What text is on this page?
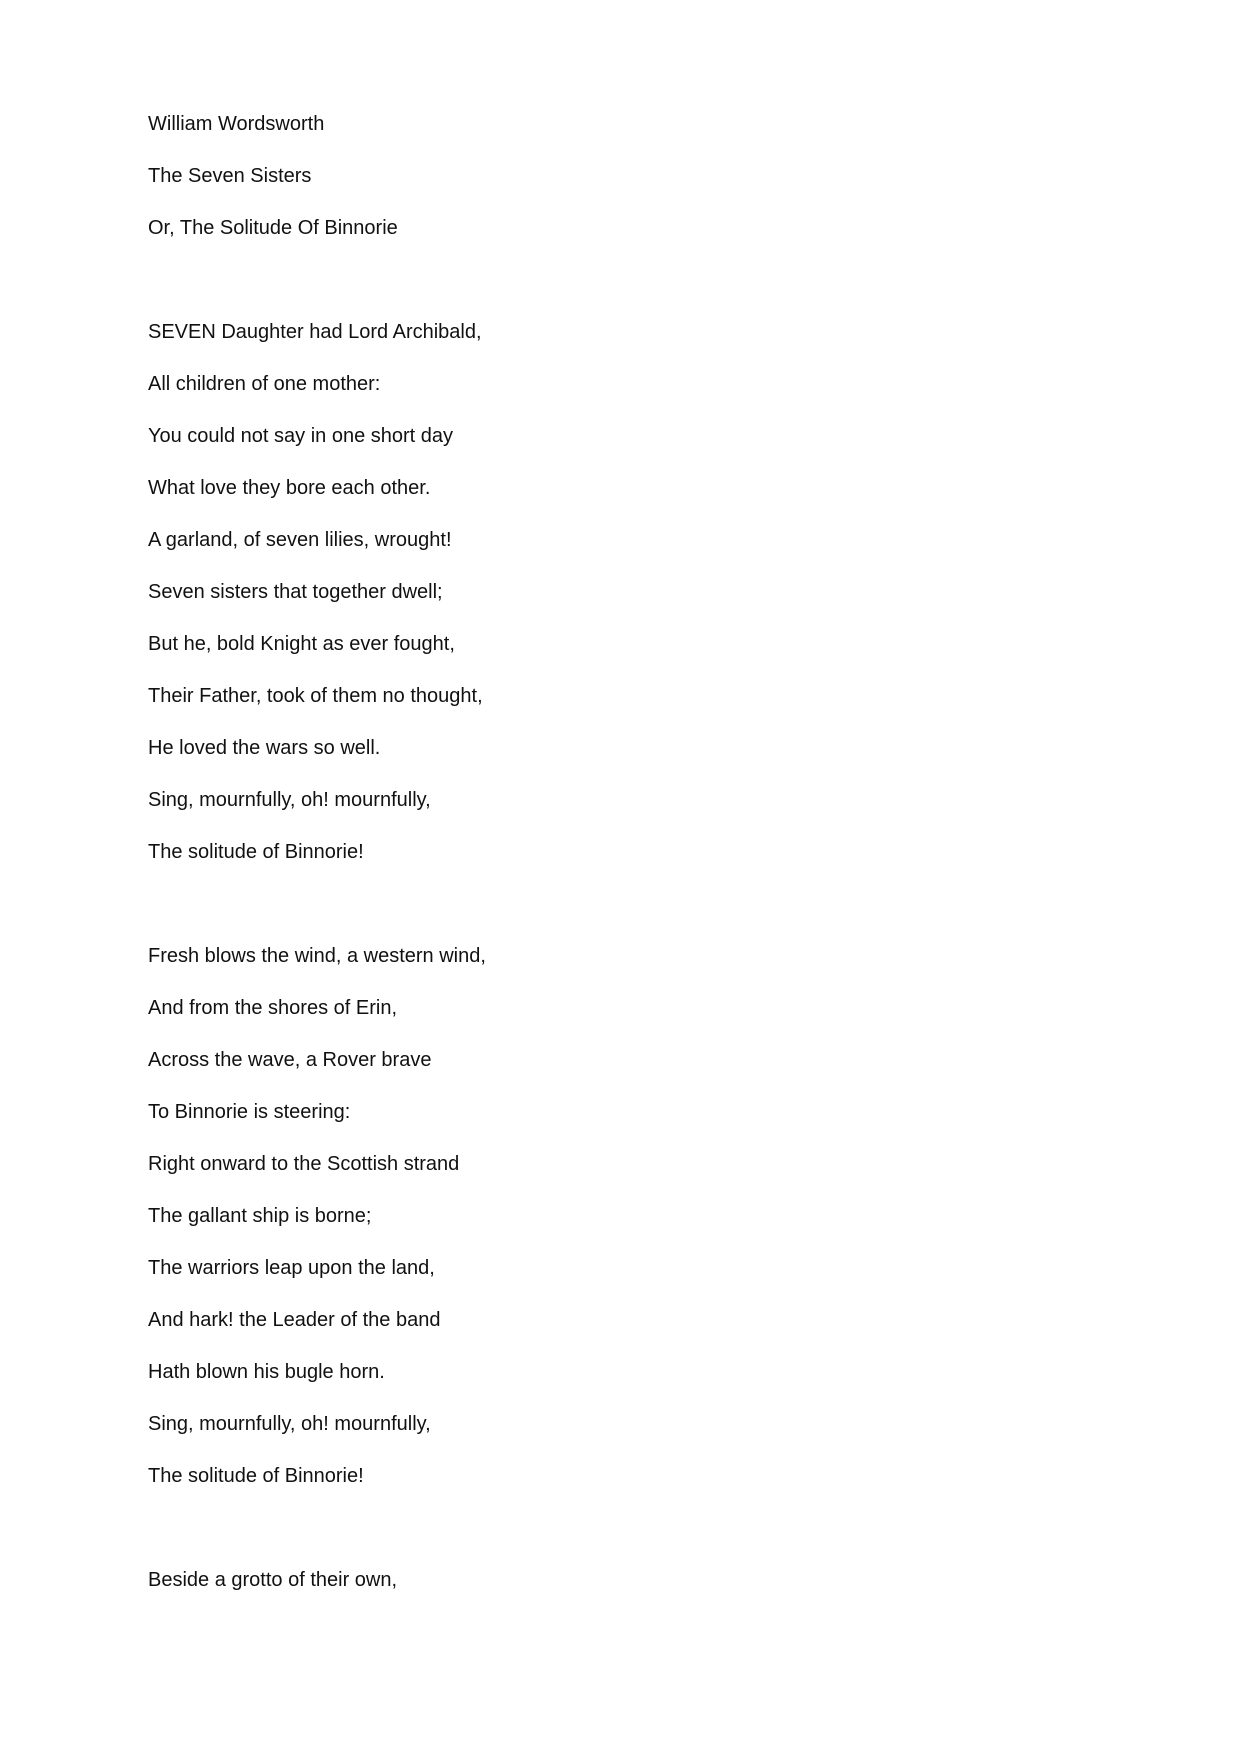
William Wordsworth
The Seven Sisters
Or, The Solitude Of Binnorie
SEVEN Daughter had Lord Archibald,
All children of one mother:
You could not say in one short day
What love they bore each other.
A garland, of seven lilies, wrought!
Seven sisters that together dwell;
But he, bold Knight as ever fought,
Their Father, took of them no thought,
He loved the wars so well.
Sing, mournfully, oh! mournfully,
The solitude of Binnorie!
Fresh blows the wind, a western wind,
And from the shores of Erin,
Across the wave, a Rover brave
To Binnorie is steering:
Right onward to the Scottish strand
The gallant ship is borne;
The warriors leap upon the land,
And hark! the Leader of the band
Hath blown his bugle horn.
Sing, mournfully, oh! mournfully,
The solitude of Binnorie!
Beside a grotto of their own,
